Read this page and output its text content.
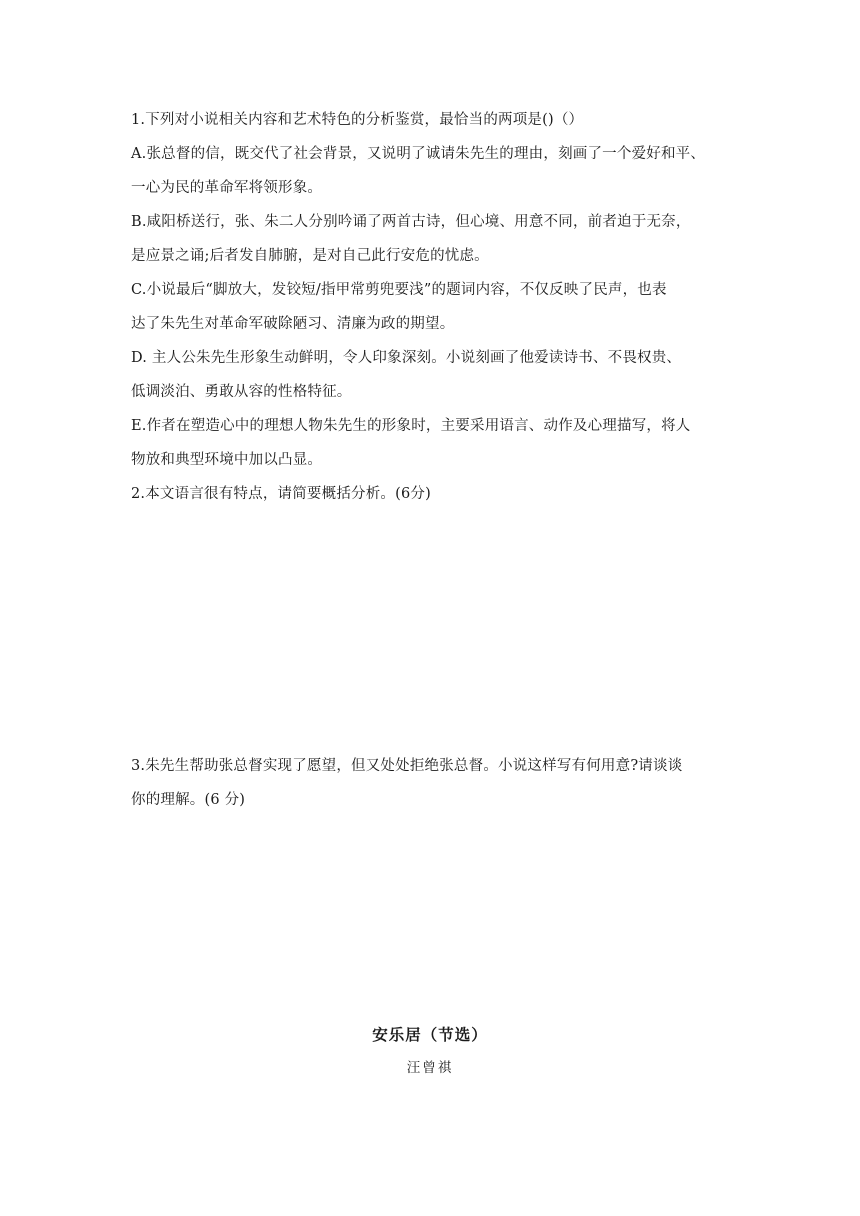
1.下列对小说相关内容和艺术特色的分析鉴赏，最恰当的两项是()（）
A.张总督的信，既交代了社会背景，又说明了诚请朱先生的理由，刻画了一个爱好和平、
一心为民的革命军将领形象。
B.咸阳桥送行，张、朱二人分别吟诵了两首古诗，但心境、用意不同，前者迫于无奈，
是应景之诵;后者发自肺腑，是对自己此行安危的忧虑。
C.小说最后“脚放大，发铰短/指甲常剪兜要浅”的题词内容，不仅反映了民声，也表
达了朱先生对革命军破除陋习、清廉为政的期望。
D. 主人公朱先生形象生动鲜明，令人印象深刻。小说刻画了他爱读诗书、不畏权贵、
低调淡泊、勇敢从容的性格特征。
E.作者在塑造心中的理想人物朱先生的形象时，主要采用语言、动作及心理描写，将人
物放和典型环境中加以凸显。
2.本文语言很有特点，请简要概括分析。(6分)
3.朱先生帮助张总督实现了愿望，但又处处拒绝张总督。小说这样写有何用意?请谈谈
你的理解。(6 分)
安乐居（节选）
汪曾祺
